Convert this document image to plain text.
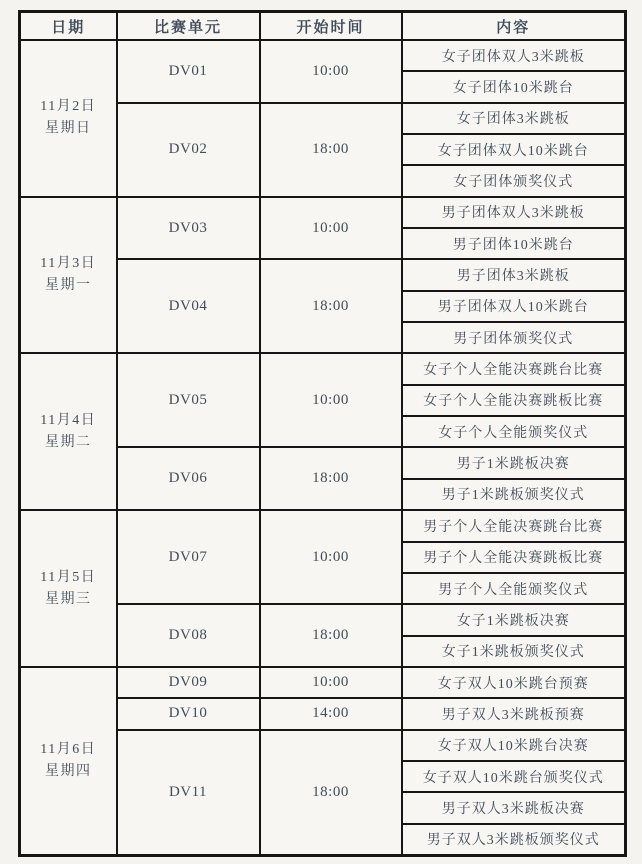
日期	比赛单元	开始时间	内容

11月2日
星期日	DV01	10:00	女子团体双人3米跳板
			女子团体10米跳台
	DV02	18:00	女子团体3米跳板
			女子团体双人10米跳台
			女子团体颁奖仪式

11月3日
星期一	DV03	10:00	男子团体双人3米跳板
			男子团体10米跳台
	DV04	18:00	男子团体3米跳板
			男子团体双人10米跳台
			男子团体颁奖仪式

11月4日
星期二	DV05	10:00	女子个人全能决赛跳台比赛
			女子个人全能决赛跳板比赛
			女子个人全能颁奖仪式
	DV06	18:00	男子1米跳板决赛
			男子1米跳板颁奖仪式

11月5日
星期三	DV07	10:00	男子个人全能决赛跳台比赛
			男子个人全能决赛跳板比赛
			男子个人全能颁奖仪式
	DV08	18:00	女子1米跳板决赛
			女子1米跳板颁奖仪式

11月6日
星期四	DV09	10:00	女子双人10米跳台预赛
	DV10	14:00	男子双人3米跳板预赛
	DV11	18:00	女子双人10米跳台决赛
			女子双人10米跳台颁奖仪式
			男子双人3米跳板决赛
			男子双人3米跳板颁奖仪式
